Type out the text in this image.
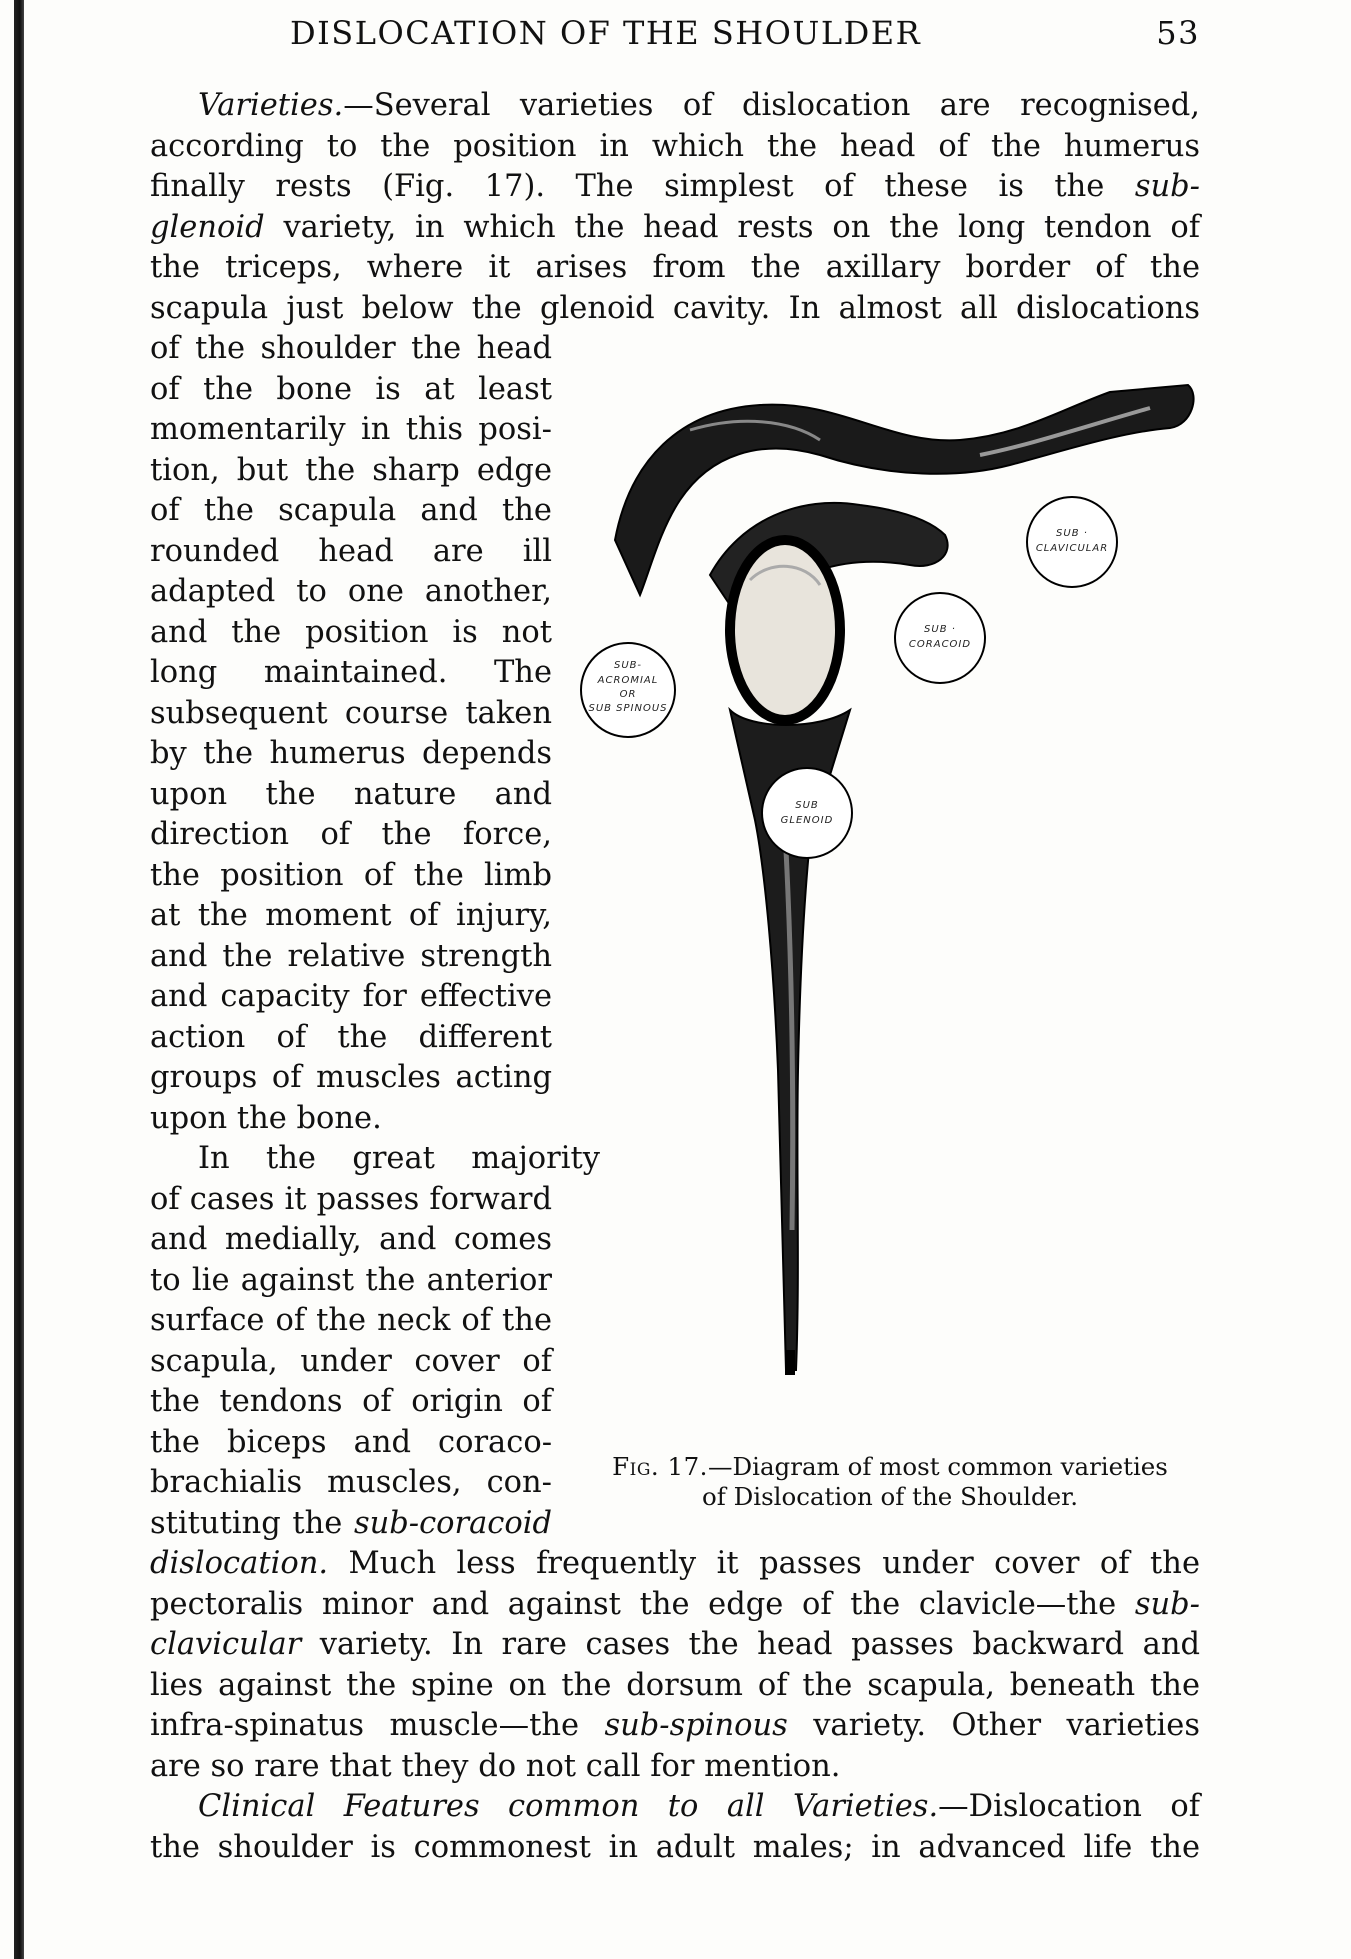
DISLOCATION OF THE SHOULDER	53
Varieties.—Several varieties of dislocation are recognised,
according to the position in which the head of the humerus
finally rests (Fig. 17). The simplest of these is the sub-
glenoid variety, in which the head rests on the long tendon of
the triceps, where it arises from the axillary border of the
scapula just below the glenoid cavity. In almost all dislocations
of the shoulder the head
of the bone is at least
momentarily in this posi-
tion, but the sharp edge
of the scapula and the
rounded head are ill
adapted to one another,
and the position is not
long maintained. The
subsequent course taken
by the humerus depends
upon the nature and
direction of the force,
the position of the limb
at the moment of injury,
and the relative strength
and capacity for effective
action of the different
groups of muscles acting
upon the bone.
In the great majority
of cases it passes forward
and medially, and comes
to lie against the anterior
surface of the neck of the
scapula, under cover of
the tendons of origin of
the biceps and coraco-
brachialis muscles, con-
stituting the sub-coracoid
dislocation. Much less frequently it passes under cover of the
pectoralis minor and against the edge of the clavicle—the sub-
clavicular variety. In rare cases the head passes backward and
lies against the spine on the dorsum of the scapula, beneath the
infra-spinatus muscle—the sub-spinous variety. Other varieties
are so rare that they do not call for mention.
Clinical Features common to all Varieties.—Dislocation of
the shoulder is commonest in adult males; in advanced life the
SUB ·
CLAVICULAR
SUB ·
CORACOID
SUB-
ACROMIAL
OR
SUB SPINOUS
SUB
GLENOID
Fig. 17.—Diagram of most common varieties
of Dislocation of the Shoulder.
